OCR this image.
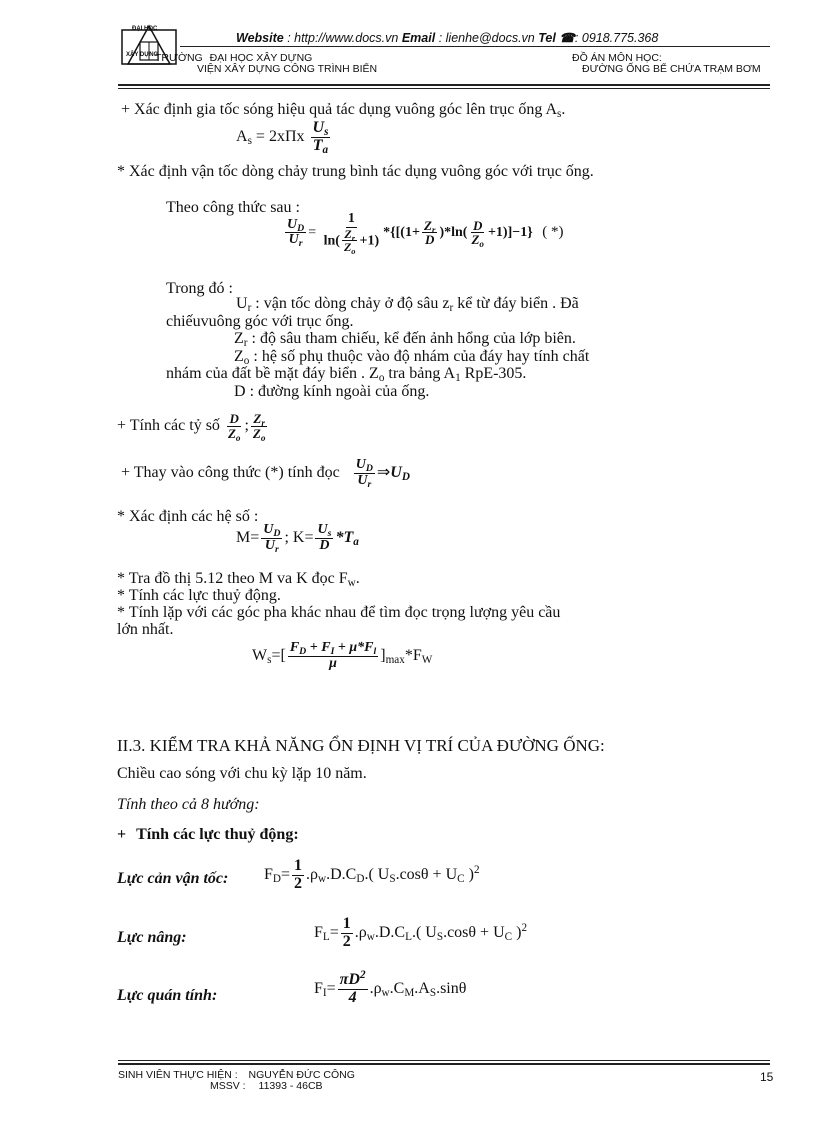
Website : http://www.docs.vn Email : lienhe@docs.vn Tel ☎: 0918.775.368
ĐẠI HỌC
XÂY DỰNG
TRƯỜNG ĐẠI HỌC XÂY DỰNG
VIỆN XÂY DỰNG CÔNG TRÌNH BIỂN
ĐỒ ÁN MÔN HỌC:
ĐƯỜNG ỐNG BỂ CHỨA TRẠM BƠM
+ Xác định gia tốc sóng hiệu quả tác dụng vuông góc lên trục ống $A_s$.
$A_s = 2x\Pi x \frac{U_s}{T_a}$
* Xác định vận tốc dòng chảy trung bình tác dụng vuông góc với trục ống.
Theo công thức sau :
$\frac{U_D}{U_r} = \frac{1}{\ln( \frac{Z_r}{Z_o} +1)} *\{[(1+ \frac{Z_r}{D} )*\ln( \frac{D}{Z_o} +1)]-1\}$ ( *)
Trong đó :
$U_r$ : vận tốc dòng chảy ở độ sâu $z_r$ kể từ đáy biển . Đã
chiếuvuông góc với trục ống.
$Z_r$ : độ sâu tham chiếu, kể đến ảnh hổng của lớp biên.
$Z_o$ : hệ số phụ thuộc vào độ nhám của đáy hay tính chất
nhám của đất bề mặt đáy biển . $Z_o$ tra bảng $A_1$ RpE-305.
D : đường kính ngoài của ống.
+ Tính các tỷ số $\frac{D}{Z_o}$ ; $\frac{Z_r}{Z_o}$
+ Thay vào công thức (*) tính đọc $\frac{U_D}{U_r}$ $\Rightarrow U_D$
* Xác định các hệ số :
$M= \frac{U_D}{U_r}$ ; $K= \frac{U_s}{D} *T_a$
* Tra đồ thị 5.12 theo M va K đọc $F_w$.
* Tính các lực thuỷ động.
* Tính lặp với các góc pha khác nhau để tìm đọc trọng lượng yêu cầu
lớn nhất.
$W_s=[ \frac{F_D + F_I + \mu*F_l}{\mu} ]_{max}*F_W$
II.3. KIỂM TRA KHẢ NĂNG ỔN ĐỊNH VỊ TRÍ CỦA ĐƯỜNG ỐNG:
Chiều cao sóng với chu kỳ lặp 10 năm.
Tính theo cả 8 hướng:
+ Tính các lực thuỷ động:
Lực cản vận tốc: $F_D= \frac{1}{2} .\rho_w.D.C_D$.( $U_S.\cos\theta + U_C$ )$^2$
Lực nâng:	$F_L= \frac{1}{2} .\rho_w.D.C_L$.( $U_S.\cos\theta + U_C$ )$^2$
Lực quán tính:	$F_I= \frac{\pi D^2}{4} .\rho_w.C_M.A_S.\sin\theta$
SINH VIÊN THỰC HIỆN : NGUYỄN ĐỨC CÔNG
MSSV : 11393 - 46CB
15
